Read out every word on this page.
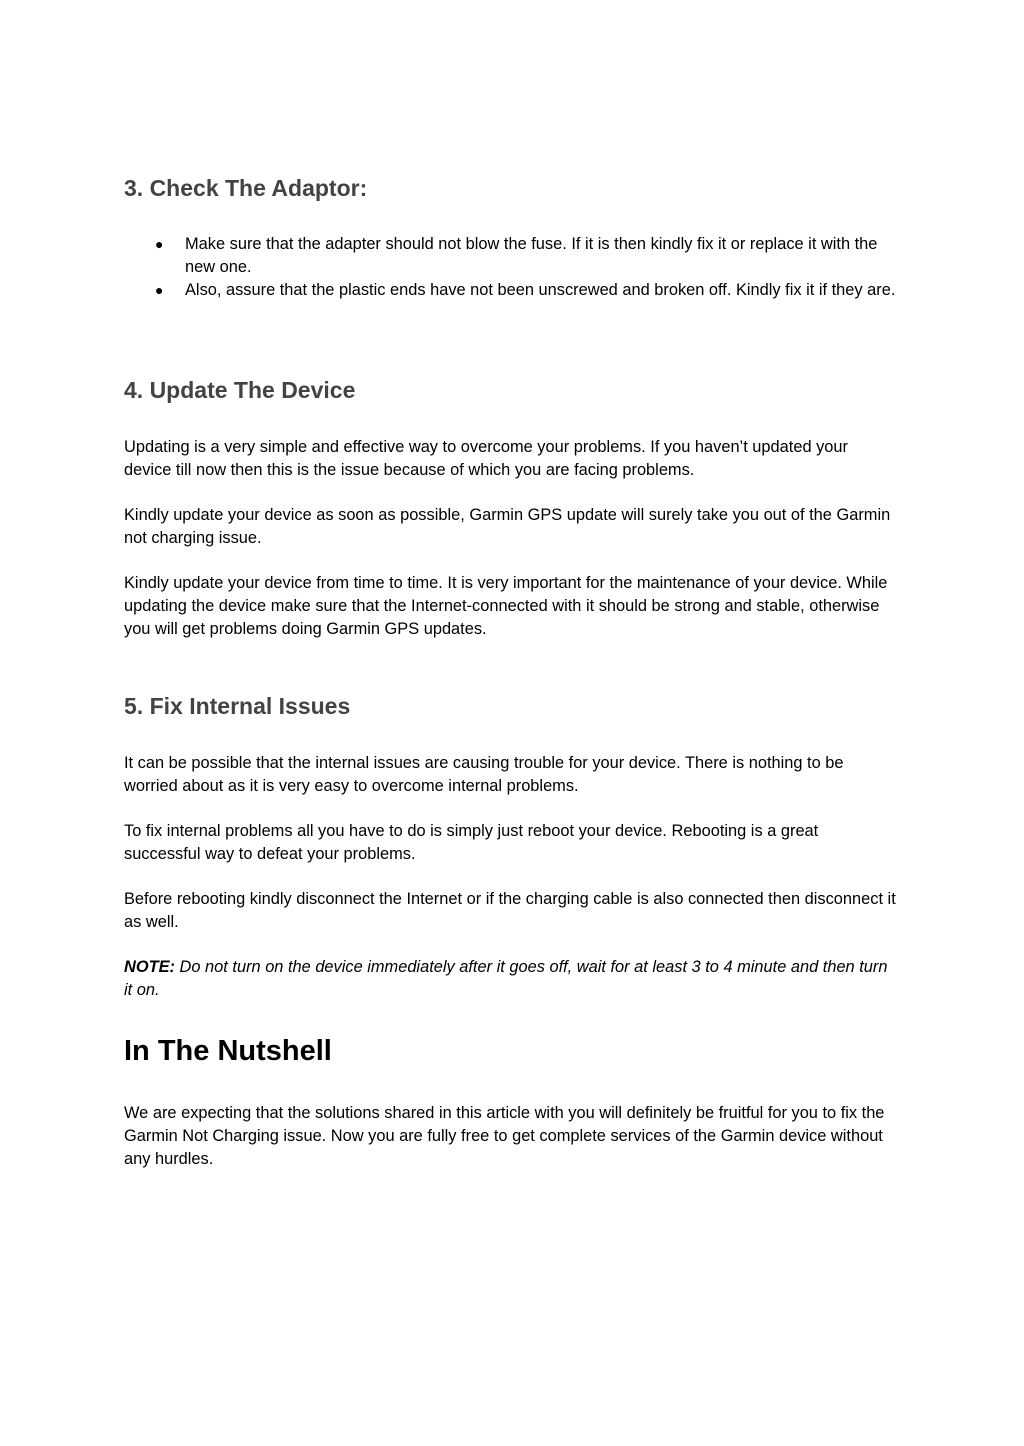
3. Check The Adaptor:
● Make sure that the adapter should not blow the fuse. If it is then kindly fix it or replace it with the new one.
● Also, assure that the plastic ends have not been unscrewed and broken off. Kindly fix it if they are.
4. Update The Device

Updating is a very simple and effective way to overcome your problems. If you haven’t updated your device till now then this is the issue because of which you are facing problems.

Kindly update your device as soon as possible, Garmin GPS update will surely take you out of the Garmin not charging issue.

Kindly update your device from time to time. It is very important for the maintenance of your device. While updating the device make sure that the Internet-connected with it should be strong and stable, otherwise you will get problems doing Garmin GPS updates.

5. Fix Internal Issues

It can be possible that the internal issues are causing trouble for your device. There is nothing to be worried about as it is very easy to overcome internal problems.

To fix internal problems all you have to do is simply just reboot your device. Rebooting is a great successful way to defeat your problems.

Before rebooting kindly disconnect the Internet or if the charging cable is also connected then disconnect it as well.

NOTE: Do not turn on the device immediately after it goes off, wait for at least 3 to 4 minute and then turn it on.

In The Nutshell

We are expecting that the solutions shared in this article with you will definitely be fruitful for you to fix the Garmin Not Charging issue. Now you are fully free to get complete services of the Garmin device without any hurdles.
